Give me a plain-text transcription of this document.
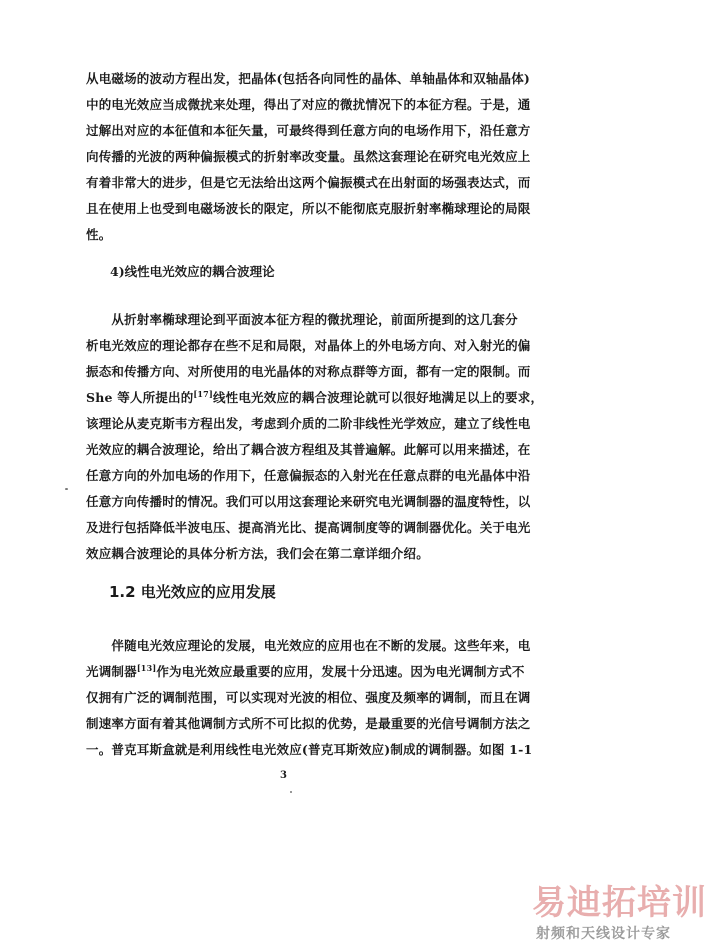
从电磁场的波动方程出发，把晶体(包括各向同性的晶体、单轴晶体和双轴晶体)
中的电光效应当成微扰来处理，得出了对应的微扰情况下的本征方程。于是，通
过解出对应的本征值和本征矢量，可最终得到任意方向的电场作用下，沿任意方
向传播的光波的两种偏振模式的折射率改变量。虽然这套理论在研究电光效应上
有着非常大的进步，但是它无法给出这两个偏振模式在出射面的场强表达式，而
且在使用上也受到电磁场波长的限定，所以不能彻底克服折射率椭球理论的局限
性。
4)线性电光效应的耦合波理论
　　从折射率椭球理论到平面波本征方程的微扰理论，前面所提到的这几套分
析电光效应的理论都存在些不足和局限，对晶体上的外电场方向、对入射光的偏
振态和传播方向、对所使用的电光晶体的对称点群等方面，都有一定的限制。而
She 等人所提出的[17]线性电光效应的耦合波理论就可以很好地满足以上的要求，
该理论从麦克斯韦方程出发，考虑到介质的二阶非线性光学效应，建立了线性电
光效应的耦合波理论，给出了耦合波方程组及其普遍解。此解可以用来描述，在
任意方向的外加电场的作用下，任意偏振态的入射光在任意点群的电光晶体中沿
任意方向传播时的情况。我们可以用这套理论来研究电光调制器的温度特性，以
及进行包括降低半波电压、提高消光比、提高调制度等的调制器优化。关于电光
效应耦合波理论的具体分析方法，我们会在第二章详细介绍。
1.2 电光效应的应用发展
　　伴随电光效应理论的发展，电光效应的应用也在不断的发展。这些年来，电
光调制器[13]作为电光效应最重要的应用，发展十分迅速。因为电光调制方式不
仅拥有广泛的调制范围，可以实现对光波的相位、强度及频率的调制，而且在调
制速率方面有着其他调制方式所不可比拟的优势，是最重要的光信号调制方法之
一。普克耳斯盒就是利用线性电光效应(普克耳斯效应)制成的调制器。如图 1-1
3
易迪拓培训
射频和天线设计专家
